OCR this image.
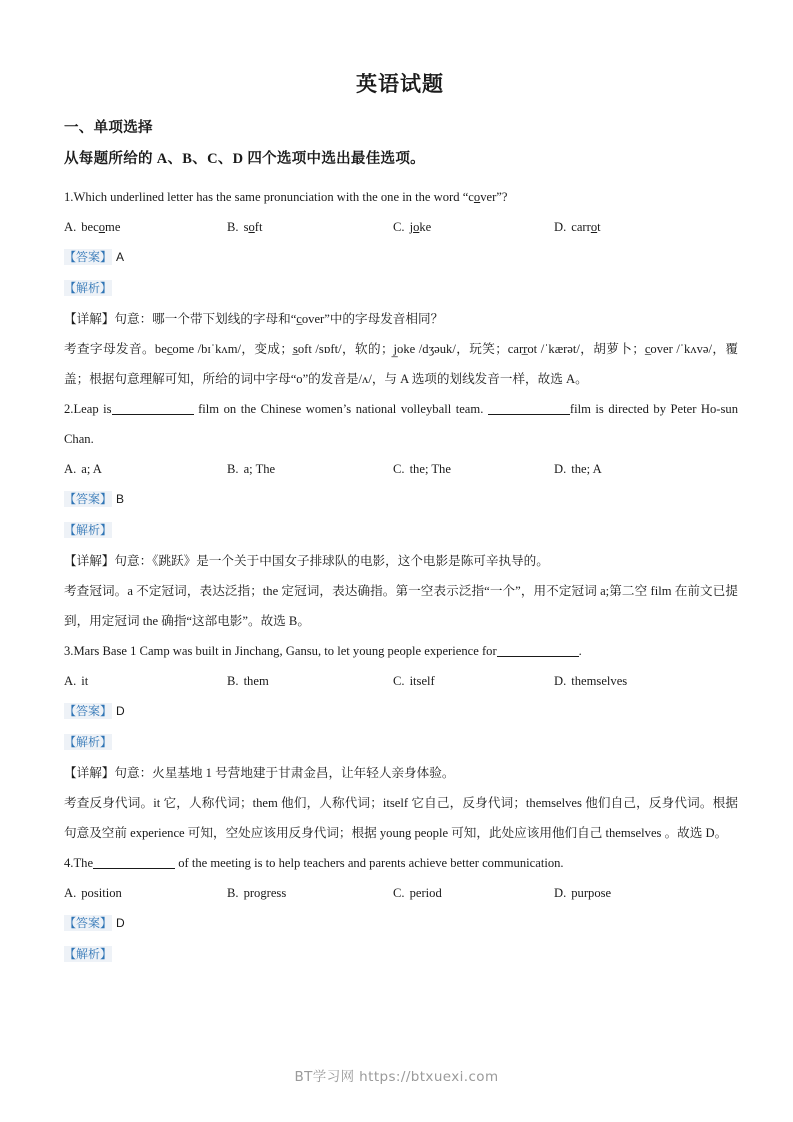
英语试题
一、单项选择
从每题所给的 A、B、C、D 四个选项中选出最佳选项。
1.Which underlined letter has the same pronunciation with the one in the word “cover”?
A. become	B. soft	C. joke	D. carrot
【答案】 A
【解析】
【详解】句意：哪一个带下划线的字母和“c̲over”中的字母发音相同？
考查字母发音。bec̲ome /bɪˈkʌm/，变成；s̲oft /sɒft/，软的；j̲oke /dʒəuk/，玩笑；carr̲ot /ˈkærət/，胡萝卜；c̲over /ˈkʌvə/，覆盖；根据句意理解可知，所给的词中字母“o”的发音是/ʌ/，与 A 选项的划线发音一样，故选 A。
2.Leap is	film on the Chinese women’s national volleyball team.	film is directed by Peter Ho-sun Chan.
A. a; A	B. a; The	C. the; The	D. the; A
【答案】 B
【解析】
【详解】句意：《跳跃》是一个关于中国女子排球队的电影，这个电影是陈可辛执导的。
考查冠词。a 不定冠词，表达泛指；the 定冠词，表达确指。第一空表示泛指“一个”，用不定冠词 a;第二空 film 在前文已提到，用定冠词 the 确指“这部电影”。故选 B。
3.Mars Base 1 Camp was built in Jinchang, Gansu, to let young people experience for	.
A. it	B. them	C. itself	D. themselves
【答案】 D
【解析】
【详解】句意：火星基地 1 号营地建于甘肃金昌，让年轻人亲身体验。
考查反身代词。it 它，人称代词；them 他们，人称代词；itself 它自己，反身代词；themselves 他们自己，反身代词。根据句意及空前 experience 可知，空处应该用反身代词；根据 young people 可知，此处应该用他们自己 themselves 。故选 D。
4.The	of the meeting is to help teachers and parents achieve better communication.
A. position	B. progress	C. period	D. purpose
【答案】 D
【解析】
BT学习网 https://btxuexi.com
